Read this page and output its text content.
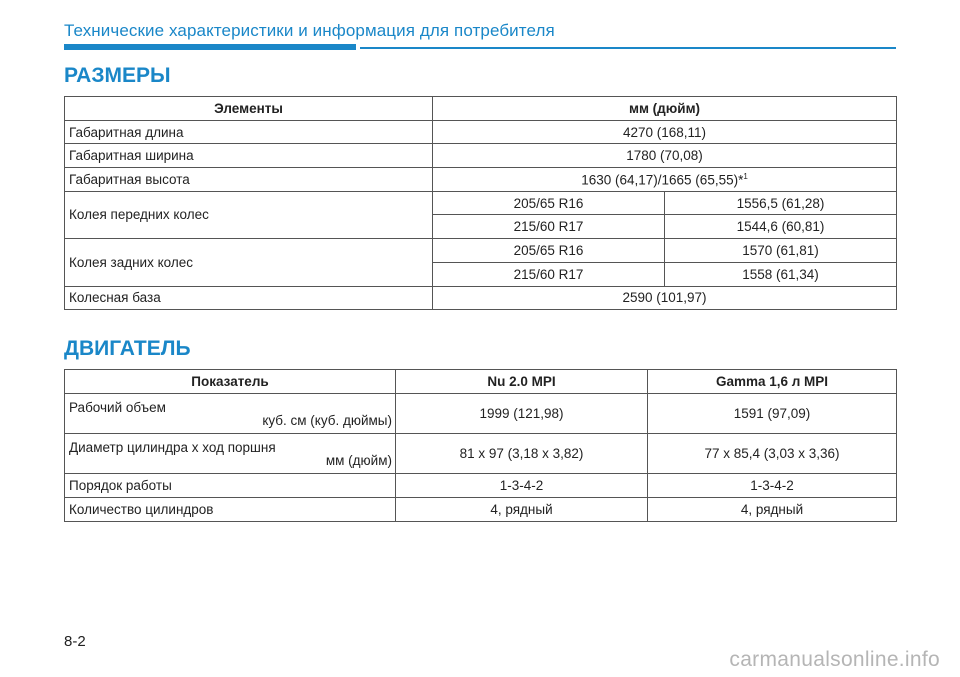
Технические характеристики и информация для потребителя
РАЗМЕРЫ
Элементы	мм (дюйм)	
Габаритная длина	4270 (168,11)	
Габаритная ширина	1780 (70,08)	
Габаритная высота	1630 (64,17)/1665 (65,55)*$^1$
Колея передних колес	205/65 R16	1556,5 (61,28)
	215/60 R17	1544,6 (60,81)
Колея задних колес	205/65 R16	1570 (61,81)
	215/60 R17	1558 (61,34)
Колесная база	2590 (101,97)	
ДВИГАТЕЛЬ
Показатель	Nu 2.0 MPI	Gamma 1,6 л MPI

Рабочий объем
куб. см (куб. дюймы)	1999 (121,98)	1591 (97,09)

Диаметр цилиндра х ход поршня
мм (дюйм)	81 x 97 (3,18 x 3,82)	77 x 85,4 (3,03 x 3,36)
Порядок работы	1-3-4-2	1-3-4-2
Количество цилиндров	4, рядный	4, рядный
8-2
carmanualsonline.info
